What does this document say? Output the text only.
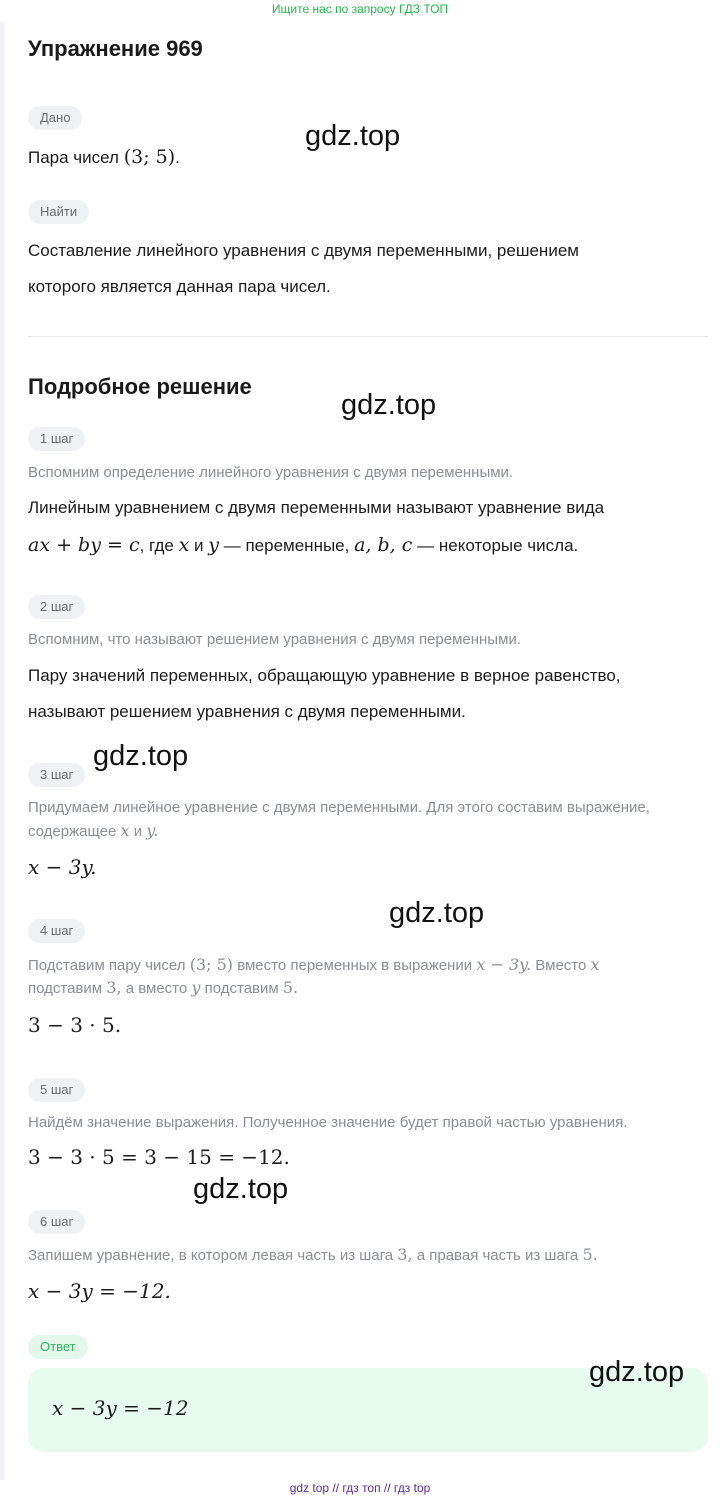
Ищите нас по запросу ГДЗ ТОП
Упражнение 969
Дано
Пара чисел (3; 5).
Найти
Составление линейного уравнения с двумя переменными, решением
которого является данная пара чисел.
Подробное решение
1 шаг
Вспомним определение линейного уравнения с двумя переменными.
Линейным уравнением с двумя переменными называют уравнение вида
ax + by = c, где x и y — переменные, a, b, c — некоторые числа.
2 шаг
Вспомним, что называют решением уравнения с двумя переменными.
Пару значений переменных, обращающую уравнение в верное равенство,
называют решением уравнения с двумя переменными.
3 шаг
Придумаем линейное уравнение с двумя переменными. Для этого составим выражение,
содержащее x и y.
x − 3y.
4 шаг
Подставим пару чисел (3; 5) вместо переменных в выражении x − 3y. Вместо x
подставим 3, а вместо y подставим 5.
3 − 3 · 5.
5 шаг
Найдём значение выражения. Полученное значение будет правой частью уравнения.
3 − 3 · 5 = 3 − 15 = −12.
6 шаг
Запишем уравнение, в котором левая часть из шага 3, а правая часть из шага 5.
x − 3y = −12.
Ответ
x − 3y = −12
gdz.top
gdz.top
gdz.top
gdz.top
gdz.top
gdz.top
gdz top // гдз топ // гдз top
